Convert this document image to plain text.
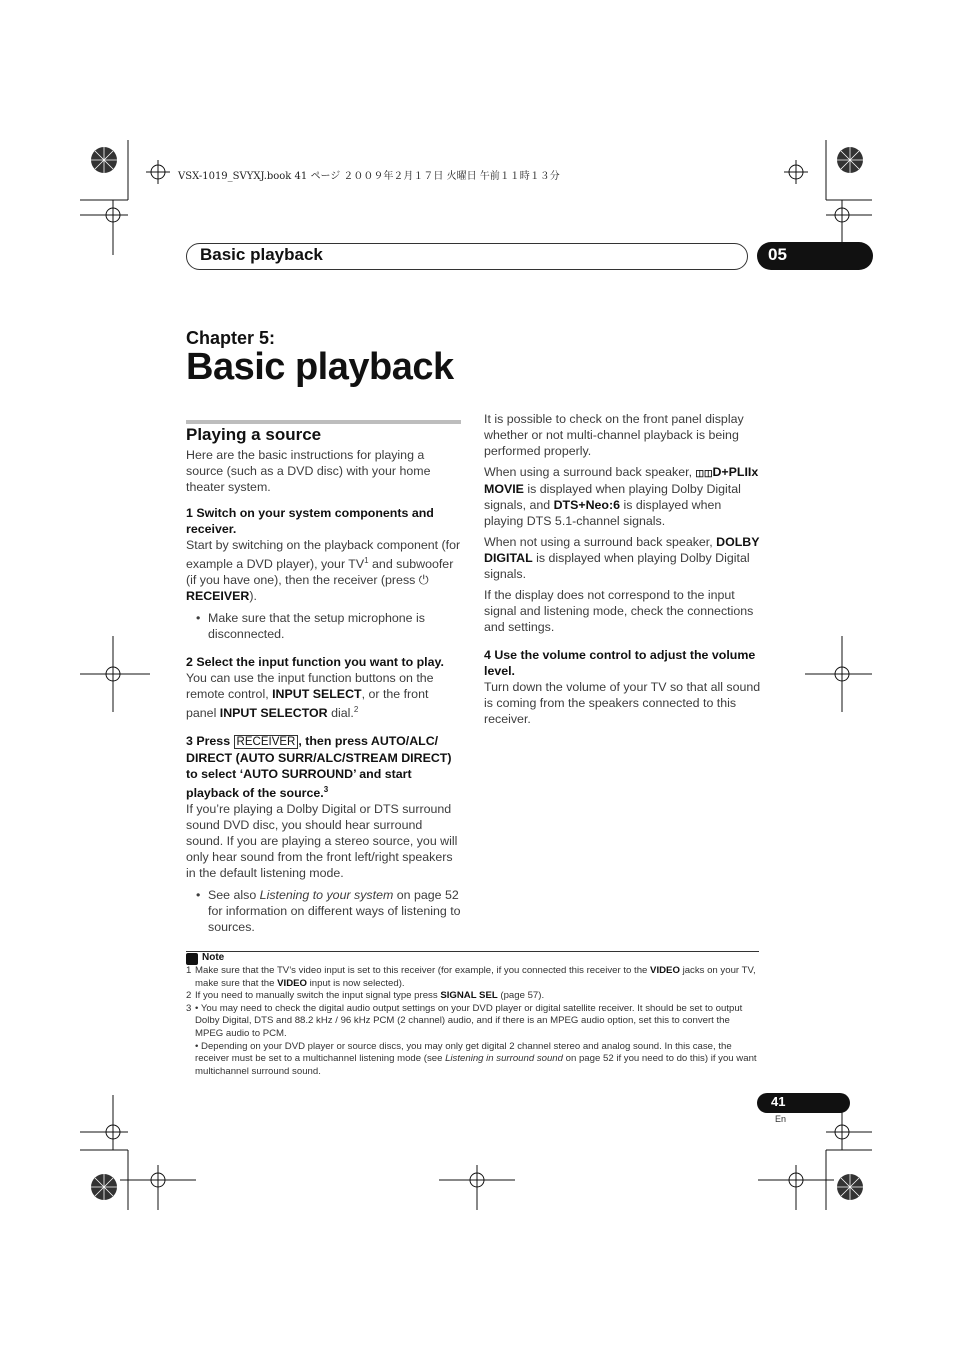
VSX-1019_SVYXJ.book 41 ページ ２００９年２月１７日 火曜日 午前１１時１３分
Basic playback	05
Chapter 5:
Basic playback
Playing a source

Here are the basic instructions for playing a source (such as a DVD disc) with your home theater system.

1 Switch on your system components and receiver.

Start by switching on the playback component (for example a DVD player), your $TV^1$ and subwoofer (if you have one), then the receiver (press ⏻ RECEIVER).

• Make sure that the setup microphone is disconnected.

2 Select the input function you want to play.

You can use the input function buttons on the remote control, INPUT SELECT, or the front panel INPUT SELECTOR dial.$^2$

3 Press RECEIVER , then press AUTO/ALC/ DIRECT (AUTO SURR/ALC/STREAM DIRECT) to select ‘AUTO SURROUND’ and start playback of the source.$^3$

If you’re playing a Dolby Digital or DTS surround sound DVD disc, you should hear surround sound. If you are playing a stereo source, you will only hear sound from the front left/right speakers in the default listening mode.

• See also Listening to your system on page 52 for information on different ways of listening to sources.

It is possible to check on the front panel display whether or not multi-channel playback is being performed properly.

When using a surround back speaker, ◫◫D+PLIIx MOVIE is displayed when playing Dolby Digital signals, and DTS+Neo:6 is displayed when playing DTS 5.1-channel signals.

When not using a surround back speaker, DOLBY DIGITAL is displayed when playing Dolby Digital signals.

If the display does not correspond to the input signal and listening mode, check the connections and settings.

4 Use the volume control to adjust the volume level.

Turn down the volume of your TV so that all sound is coming from the speakers connected to this receiver.

Note

1 Make sure that the TV’s video input is set to this receiver (for example, if you connected this receiver to the VIDEO jacks on your TV, make sure that the VIDEO input is now selected).

2 If you need to manually switch the input signal type press SIGNAL SEL (page 57).

3 • You may need to check the digital audio output settings on your DVD player or digital satellite receiver. It should be set to output Dolby Digital, DTS and 88.2 kHz / 96 kHz PCM (2 channel) audio, and if there is an MPEG audio option, set this to convert the MPEG audio to PCM.

• Depending on your DVD player or source discs, you may only get digital 2 channel stereo and analog sound. In this case, the receiver must be set to a multichannel listening mode (see Listening in surround sound on page 52 if you need to do this) if you want multichannel surround sound.

41
En
